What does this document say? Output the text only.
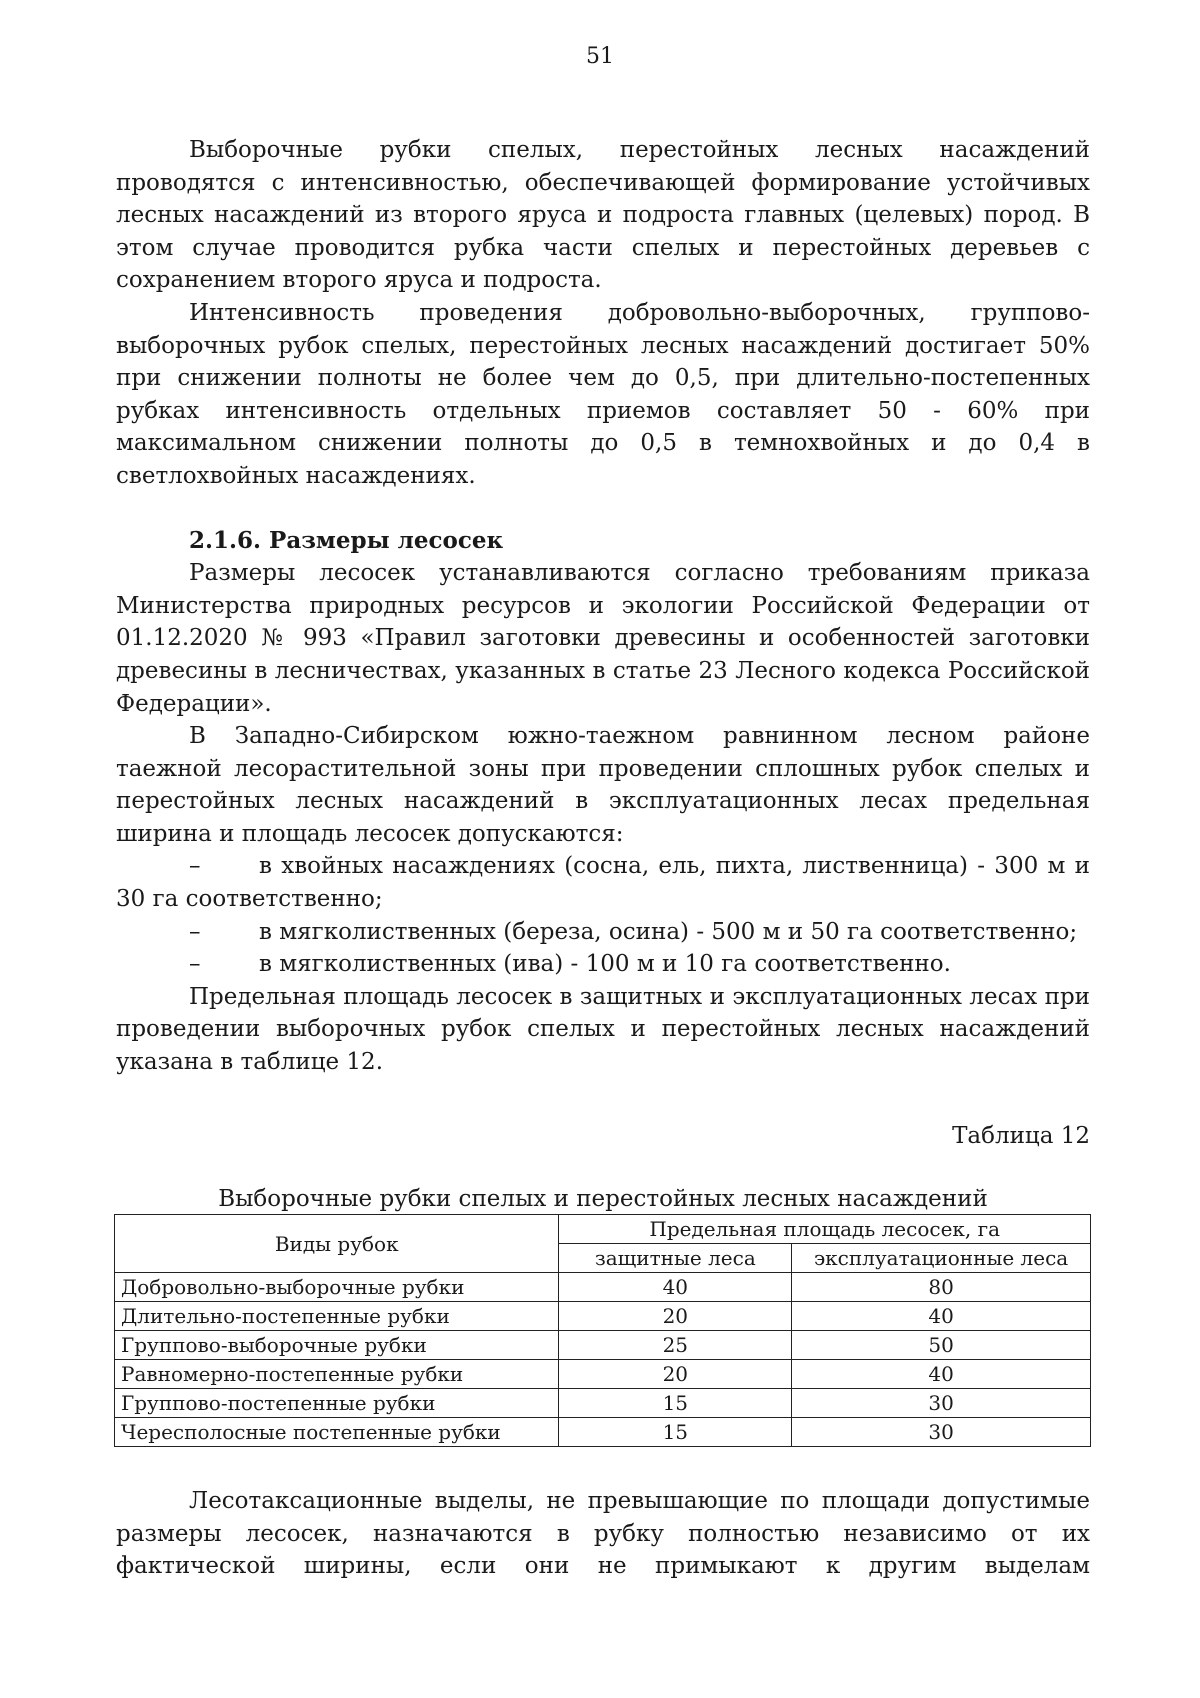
51

Выборочные рубки спелых, перестойных лесных насаждений проводятся с интенсивностью, обеспечивающей формирование устойчивых лесных насаждений из второго яруса и подроста главных (целевых) пород. В этом случае проводится рубка части спелых и перестойных деревьев с сохранением второго яруса и подроста.

Интенсивность проведения добровольно-выборочных, группово-выборочных рубок спелых, перестойных лесных насаждений достигает 50% при снижении полноты не более чем до 0,5, при длительно-постепенных рубках интенсивность отдельных приемов составляет 50 - 60% при максимальном снижении полноты до 0,5 в темнохвойных и до 0,4 в светлохвойных насаждениях.

2.1.6. Размеры лесосек

Размеры лесосек устанавливаются согласно требованиям приказа Министерства природных ресурсов и экологии Российской Федерации от 01.12.2020 № 993 «Правил заготовки древесины и особенностей заготовки древесины в лесничествах, указанных в статье 23 Лесного кодекса Российской Федерации».

В Западно-Сибирском южно-таежном равнинном лесном районе таежной лесорастительной зоны при проведении сплошных рубок спелых и перестойных лесных насаждений в эксплуатационных лесах предельная ширина и площадь лесосек допускаются:

–	в хвойных насаждениях (сосна, ель, пихта, лиственница) - 300 м и 30 га соответственно;

–	в мягколиственных (береза, осина) - 500 м и 50 га соответственно;

–	в мягколиственных (ива) - 100 м и 10 га соответственно.

Предельная площадь лесосек в защитных и эксплуатационных лесах при проведении выборочных рубок спелых и перестойных лесных насаждений указана в таблице 12.

Таблица 12
Выборочные рубки спелых и перестойных лесных насаждений
Виды рубок	Предельная площадь лесосек, га	
	защитные леса	эксплуатационные леса
Добровольно-выборочные рубки	40	80
Длительно-постепенные рубки	20	40
Группово-выборочные рубки	25	50
Равномерно-постепенные рубки	20	40
Группово-постепенные рубки	15	30
Чересполосные постепенные рубки	15	30

Лесотаксационные выделы, не превышающие по площади допустимые размеры лесосек, назначаются в рубку полностью независимо от их фактической ширины, если они не примыкают к другим выделам
